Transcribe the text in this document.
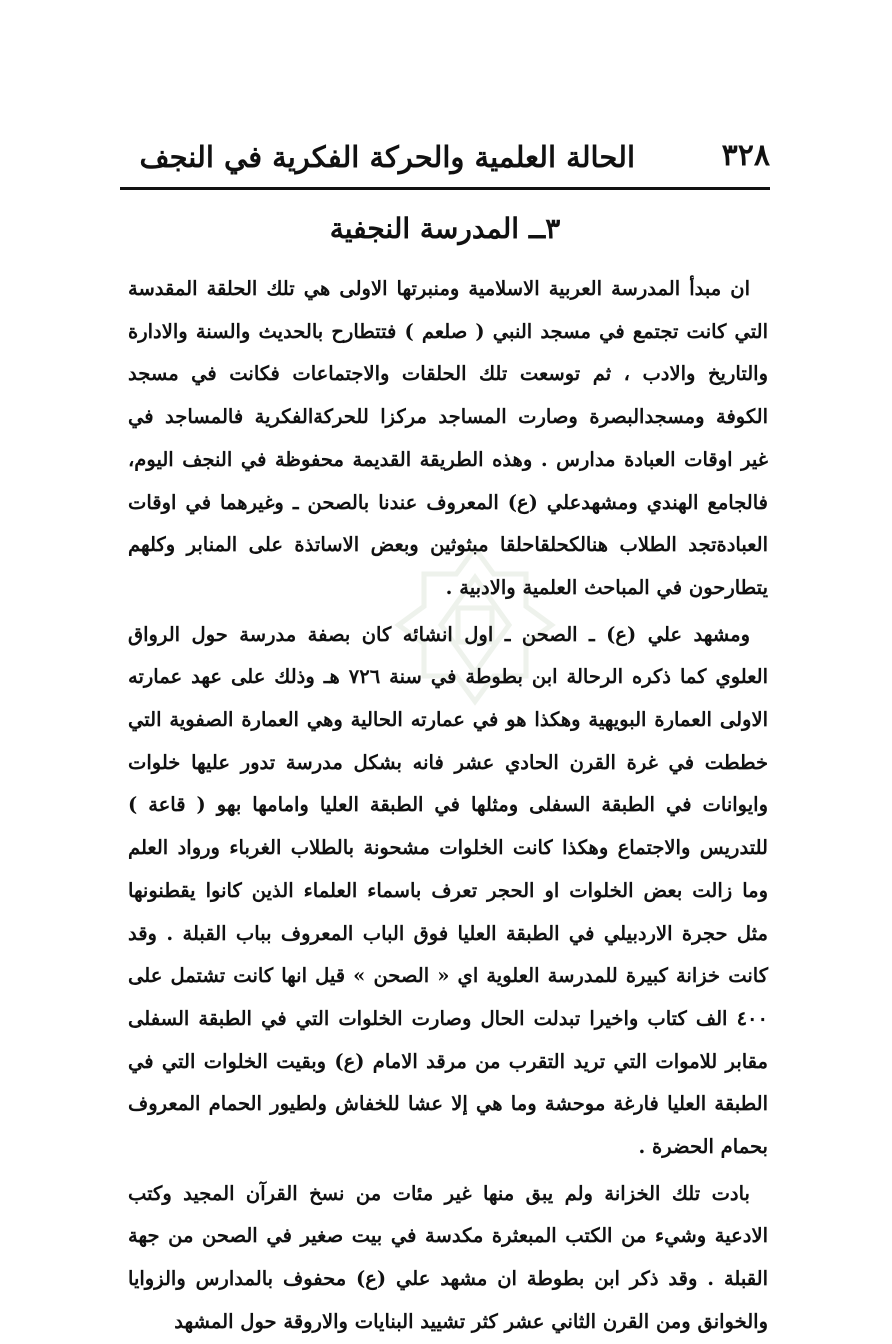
٣٢٨
الحالة العلمية والحركة الفكرية في النجف
٣ــ المدرسة النجفية

ان مبدأ المدرسة العربية الاسلامية ومنبرتها الاولى هي تلك الحلقة المقدسة التي كانت تجتمع في مسجد النبي ( صلعم ) فتتطارح بالحديث والسنة والادارة والتاريخ والادب ، ثم توسعت تلك الحلقات والاجتماعات فكانت في مسجد الكوفة ومسجدالبصرة وصارت المساجد مركزا للحركةالفكرية فالمساجد في غير اوقات العبادة مدارس . وهذه الطريقة القديمة محفوظة في النجف اليوم، فالجامع الهندي ومشهدعلي (ع) المعروف عندنا بالصحن ـ وغيرهما في اوقات العبادةتجد الطلاب هنالكحلقاحلقا مبثوثين وبعض الاساتذة على المنابر وكلهم يتطارحون في المباحث العلمية والادبية .

ومشهد علي (ع) ـ الصحن ـ اول انشائه كان بصفة مدرسة حول الرواق العلوي كما ذكره الرحالة ابن بطوطة في سنة ٧٢٦ هـ وذلك على عهد عمارته الاولى العمارة البويهية وهكذا هو في عمارته الحالية وهي العمارة الصفوية التي خططت في غرة القرن الحادي عشر فانه بشكل مدرسة تدور عليها خلوات وايوانات في الطبقة السفلى ومثلها في الطبقة العليا وامامها بهو ( قاعة ) للتدريس والاجتماع وهكذا كانت الخلوات مشحونة بالطلاب الغرباء ورواد العلم وما زالت بعض الخلوات او الحجر تعرف باسماء العلماء الذين كانوا يقطنونها مثل حجرة الاردبيلي في الطبقة العليا فوق الباب المعروف بباب القبلة . وقد كانت خزانة كبيرة للمدرسة العلوية اي « الصحن » قيل انها كانت تشتمل على ٤٠٠ الف كتاب واخيرا تبدلت الحال وصارت الخلوات التي في الطبقة السفلى مقابر للاموات التي تريد التقرب من مرقد الامام (ع) وبقيت الخلوات التي في الطبقة العليا فارغة موحشة وما هي إلا عشا للخفاش ولطيور الحمام المعروف بحمام الحضرة .

بادت تلك الخزانة ولم يبق منها غير مئات من نسخ القرآن المجيد وكتب الادعية وشيء من الكتب المبعثرة مكدسة في بيت صغير في الصحن من جهة القبلة . وقد ذكر ابن بطوطة ان مشهد علي (ع) محفوف بالمدارس والزوايا والخوانق ومن القرن الثاني عشر كثر تشييد البنايات والاروقة حول المشهد
